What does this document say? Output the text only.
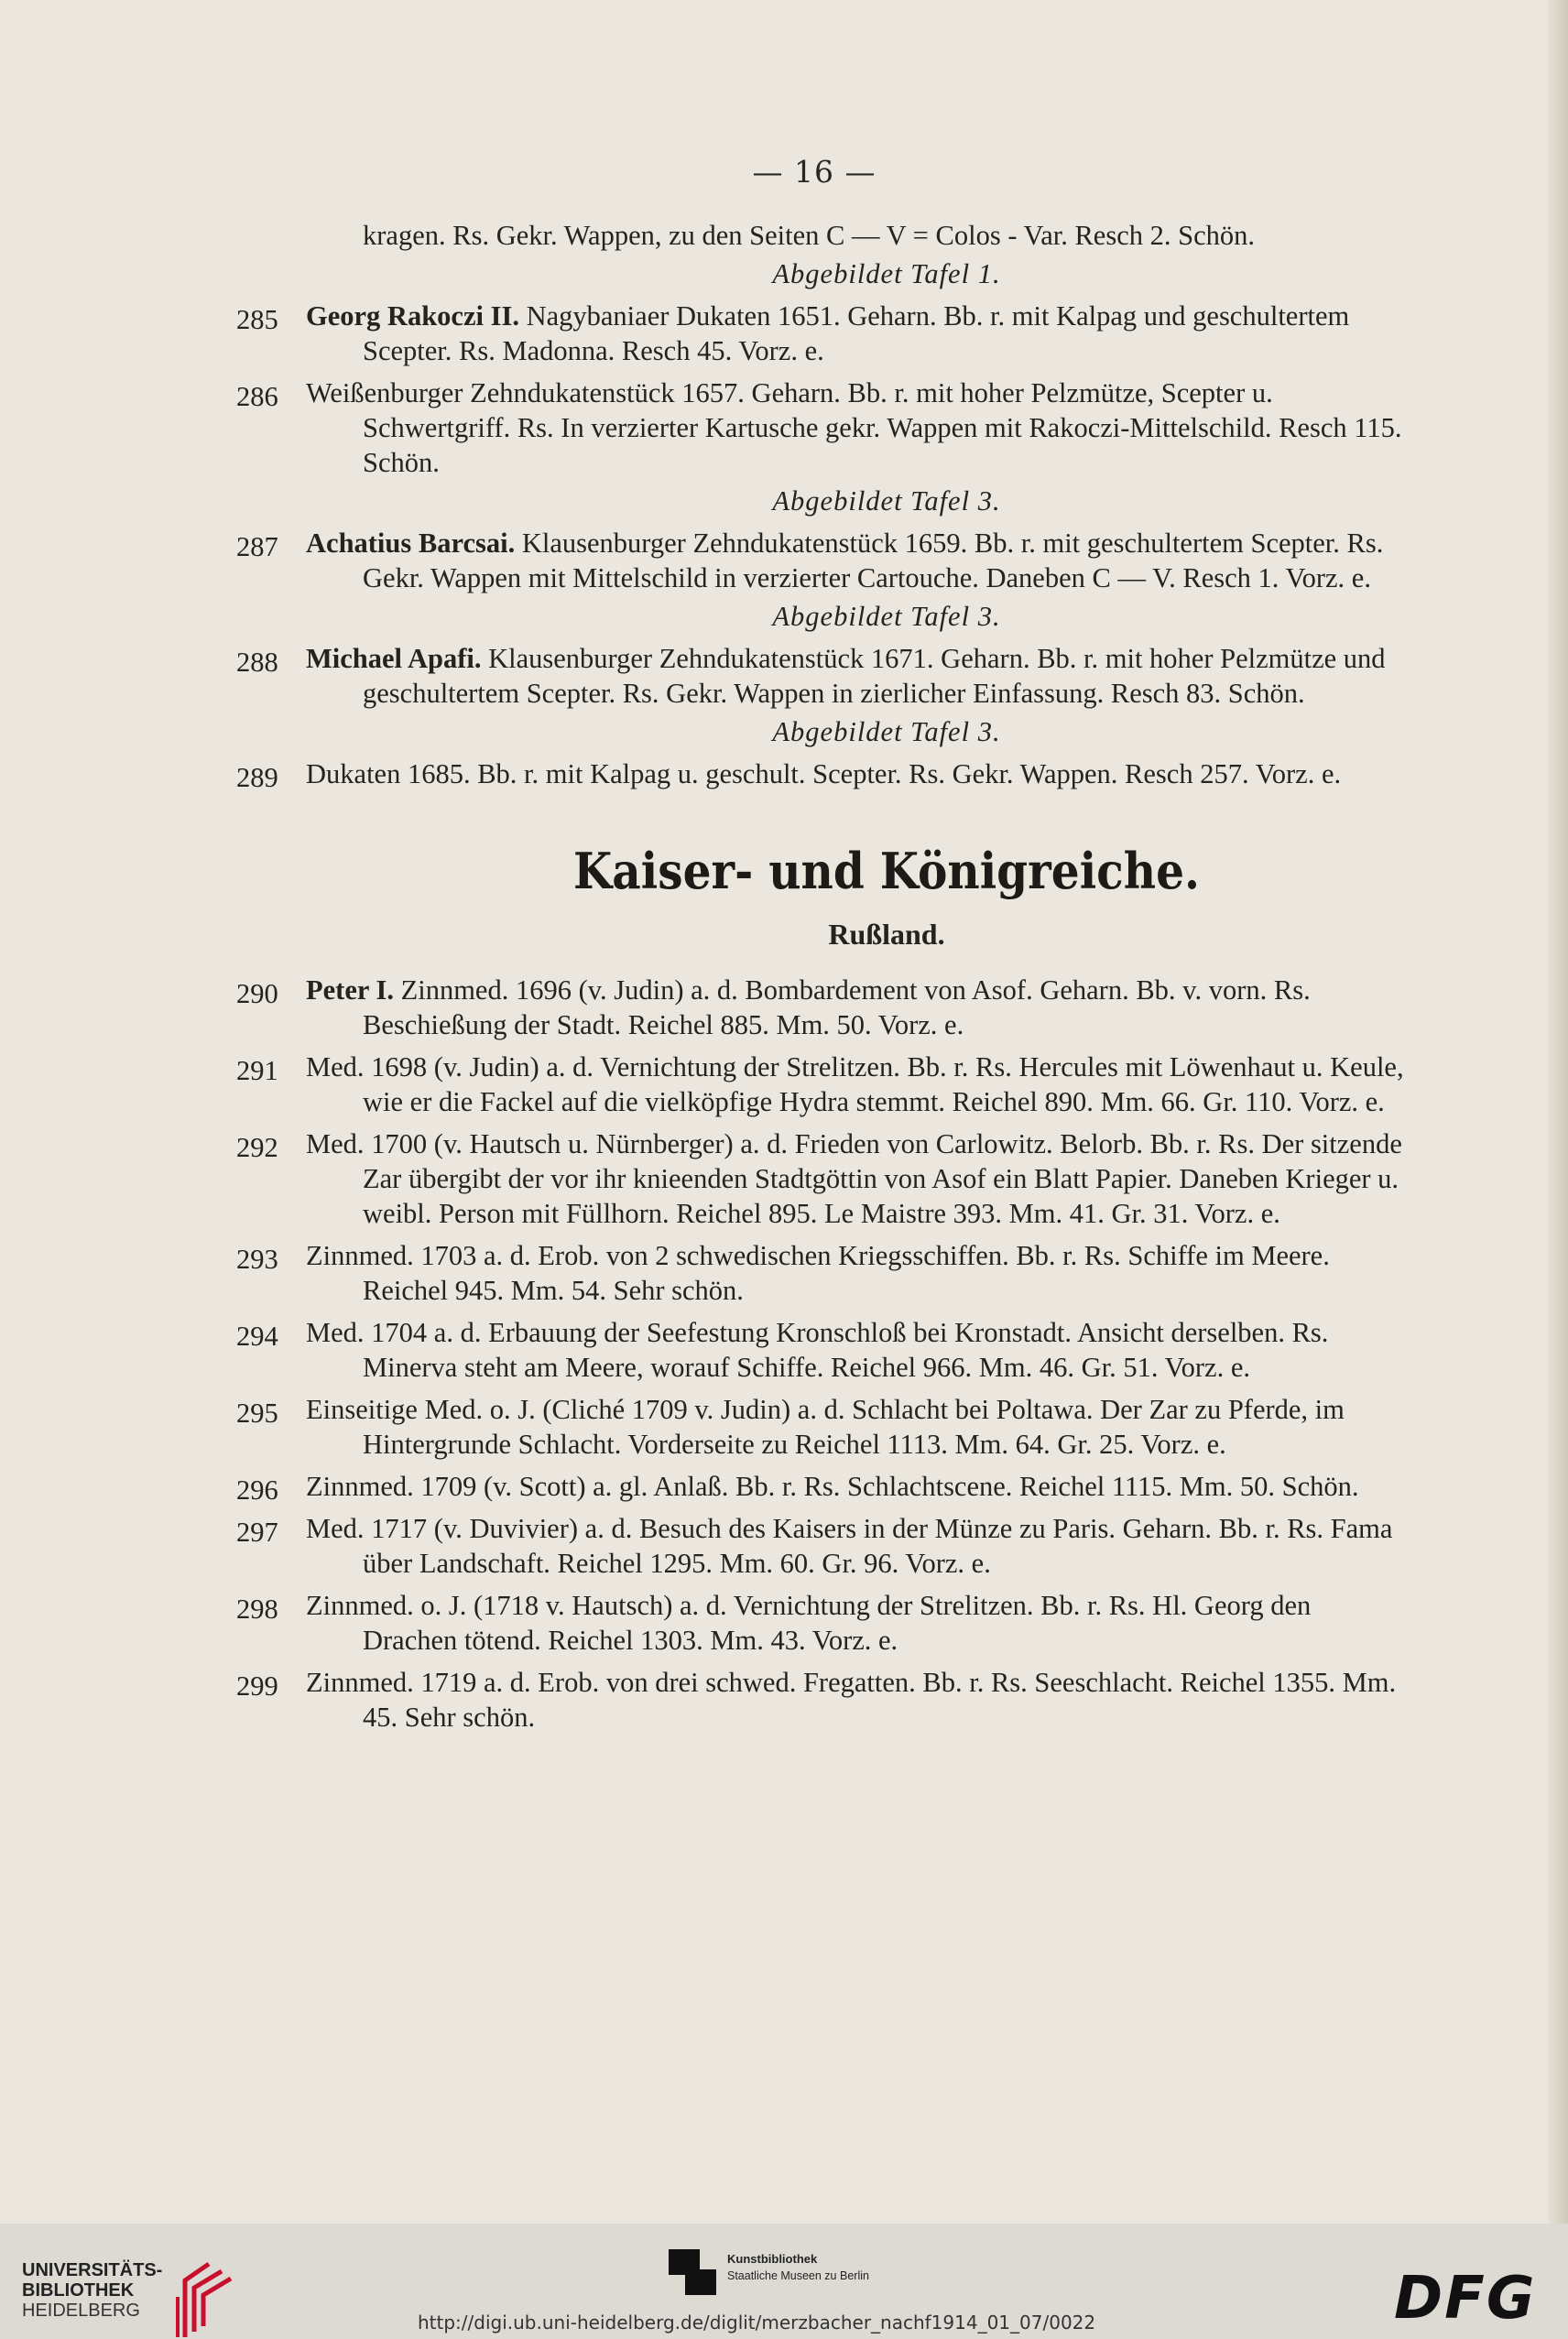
— 16 —
kragen. Rs. Gekr. Wappen, zu den Seiten C — V = Colos - Var. Resch 2. Schön.
Abgebildet Tafel 1.
285 Georg Rakoczi II. Nagybaniaer Dukaten 1651. Geharn. Bb. r. mit Kalpag und geschultertem Scepter. Rs. Madonna. Resch 45. Vorz. e.
286 Weißenburger Zehndukatenstück 1657. Geharn. Bb. r. mit hoher Pelzmütze, Scepter u. Schwertgriff. Rs. In verzierter Kartusche gekr. Wappen mit Rakoczi-Mittelschild. Resch 115. Schön.
Abgebildet Tafel 3.
287 Achatius Barcsai. Klausenburger Zehndukatenstück 1659. Bb. r. mit geschultertem Scepter. Rs. Gekr. Wappen mit Mittelschild in verzierter Cartouche. Daneben C — V. Resch 1. Vorz. e.
Abgebildet Tafel 3.
288 Michael Apafi. Klausenburger Zehndukatenstück 1671. Geharn. Bb. r. mit hoher Pelzmütze und geschultertem Scepter. Rs. Gekr. Wappen in zierlicher Einfassung. Resch 83. Schön.
Abgebildet Tafel 3.
289 Dukaten 1685. Bb. r. mit Kalpag u. geschult. Scepter. Rs. Gekr. Wappen. Resch 257. Vorz. e.
Kaiser- und Königreiche.
Rußland.
290 Peter I. Zinnmed. 1696 (v. Judin) a. d. Bombardement von Asof. Geharn. Bb. v. vorn. Rs. Beschießung der Stadt. Reichel 885. Mm. 50. Vorz. e.
291 Med. 1698 (v. Judin) a. d. Vernichtung der Strelitzen. Bb. r. Rs. Hercules mit Löwenhaut u. Keule, wie er die Fackel auf die vielköpfige Hydra stemmt. Reichel 890. Mm. 66. Gr. 110. Vorz. e.
292 Med. 1700 (v. Hautsch u. Nürnberger) a. d. Frieden von Carlowitz. Belorb. Bb. r. Rs. Der sitzende Zar übergibt der vor ihr knieenden Stadtgöttin von Asof ein Blatt Papier. Daneben Krieger u. weibl. Person mit Füllhorn. Reichel 895. Le Maistre 393. Mm. 41. Gr. 31. Vorz. e.
293 Zinnmed. 1703 a. d. Erob. von 2 schwedischen Kriegsschiffen. Bb. r. Rs. Schiffe im Meere. Reichel 945. Mm. 54. Sehr schön.
294 Med. 1704 a. d. Erbauung der Seefestung Kronschloß bei Kronstadt. Ansicht derselben. Rs. Minerva steht am Meere, worauf Schiffe. Reichel 966. Mm. 46. Gr. 51. Vorz. e.
295 Einseitige Med. o. J. (Cliché 1709 v. Judin) a. d. Schlacht bei Poltawa. Der Zar zu Pferde, im Hintergrunde Schlacht. Vorderseite zu Reichel 1113. Mm. 64. Gr. 25. Vorz. e.
296 Zinnmed. 1709 (v. Scott) a. gl. Anlaß. Bb. r. Rs. Schlachtscene. Reichel 1115. Mm. 50. Schön.
297 Med. 1717 (v. Duvivier) a. d. Besuch des Kaisers in der Münze zu Paris. Geharn. Bb. r. Rs. Fama über Landschaft. Reichel 1295. Mm. 60. Gr. 96. Vorz. e.
298 Zinnmed. o. J. (1718 v. Hautsch) a. d. Vernichtung der Strelitzen. Bb. r. Rs. Hl. Georg den Drachen tötend. Reichel 1303. Mm. 43. Vorz. e.
299 Zinnmed. 1719 a. d. Erob. von drei schwed. Fregatten. Bb. r. Rs. Seeschlacht. Reichel 1355. Mm. 45. Sehr schön.
UNIVERSITÄTS-
BIBLIOTHEK
HEIDELBERG
Kunstbibliothek
Staatliche Museen zu Berlin	DFG
http://digi.ub.uni-heidelberg.de/diglit/merzbacher_nachf1914_01_07/0022
